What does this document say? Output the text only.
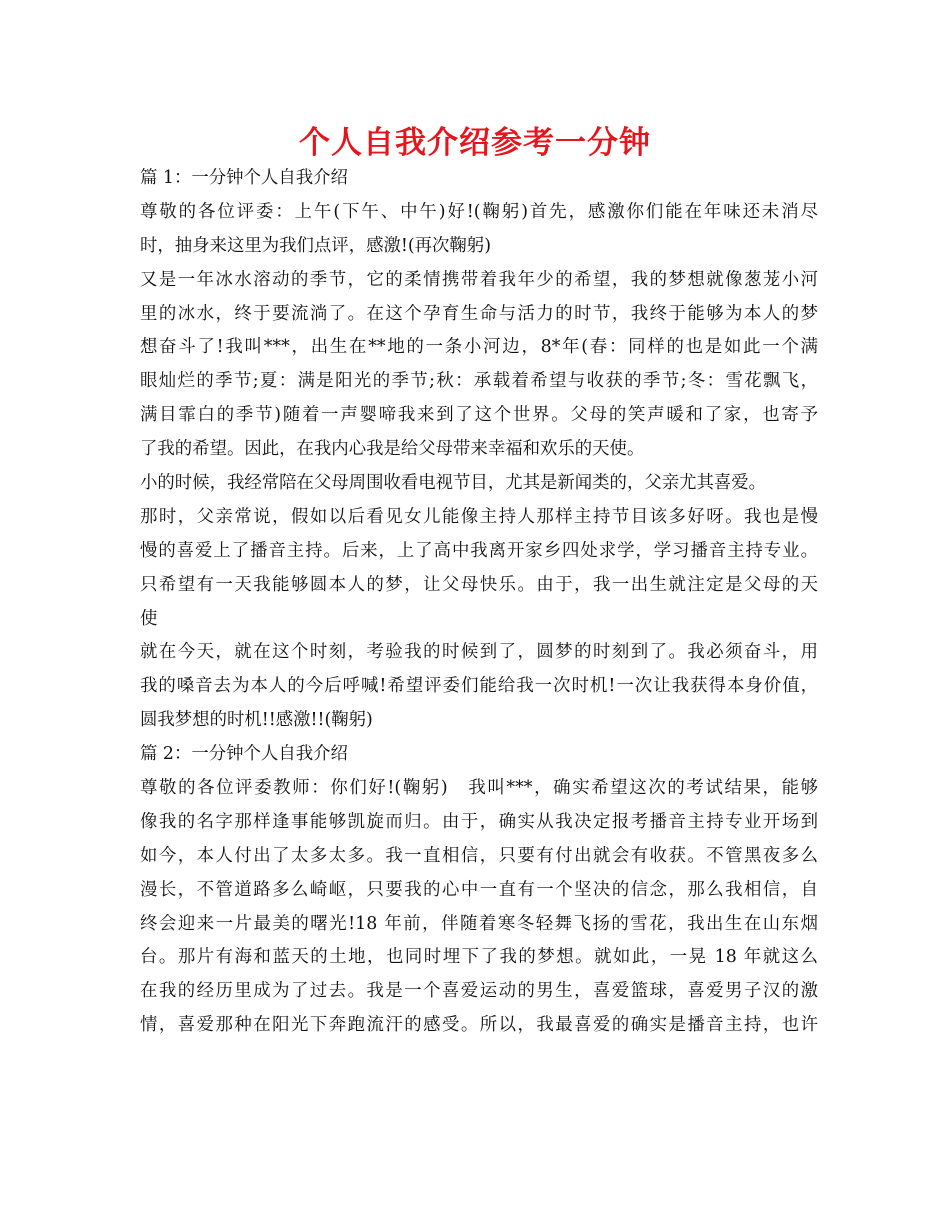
个人自我介绍参考一分钟
篇 1：一分钟个人自我介绍
尊敬的各位评委：上午(下午、中午)好!(鞠躬)首先，感激你们能在年味还未消尽
时，抽身来这里为我们点评，感激!(再次鞠躬)
又是一年冰水溶动的季节，它的柔情携带着我年少的希望，我的梦想就像葱茏小河
里的冰水，终于要流淌了。在这个孕育生命与活力的时节，我终于能够为本人的梦
想奋斗了!我叫***，出生在**地的一条小河边，8*年(春：同样的也是如此一个满
眼灿烂的季节;夏：满是阳光的季节;秋：承载着希望与收获的季节;冬：雪花飘飞，
满目霏白的季节)随着一声婴啼我来到了这个世界。父母的笑声暖和了家，也寄予
了我的希望。因此，在我内心我是给父母带来幸福和欢乐的天使。
小的时候，我经常陪在父母周围收看电视节目，尤其是新闻类的，父亲尤其喜爱。
那时，父亲常说，假如以后看见女儿能像主持人那样主持节目该多好呀。我也是慢
慢的喜爱上了播音主持。后来，上了高中我离开家乡四处求学，学习播音主持专业。
只希望有一天我能够圆本人的梦，让父母快乐。由于，我一出生就注定是父母的天
使
就在今天，就在这个时刻，考验我的时候到了，圆梦的时刻到了。我必须奋斗，用
我的嗓音去为本人的今后呼喊!希望评委们能给我一次时机!一次让我获得本身价值，
圆我梦想的时机!!感激!!(鞠躬)
篇 2：一分钟个人自我介绍
尊敬的各位评委教师：你们好!(鞠躬)　我叫***，确实希望这次的考试结果，能够
像我的名字那样逢事能够凯旋而归。由于，确实从我决定报考播音主持专业开场到
如今，本人付出了太多太多。我一直相信，只要有付出就会有收获。不管黑夜多么
漫长，不管道路多么崎岖，只要我的心中一直有一个坚决的信念，那么我相信，自
终会迎来一片最美的曙光!18 年前，伴随着寒冬轻舞飞扬的雪花，我出生在山东烟
台。那片有海和蓝天的土地，也同时埋下了我的梦想。就如此，一晃 18 年就这么
在我的经历里成为了过去。我是一个喜爱运动的男生，喜爱篮球，喜爱男子汉的激
情，喜爱那种在阳光下奔跑流汗的感受。所以，我最喜爱的确实是播音主持，也许
